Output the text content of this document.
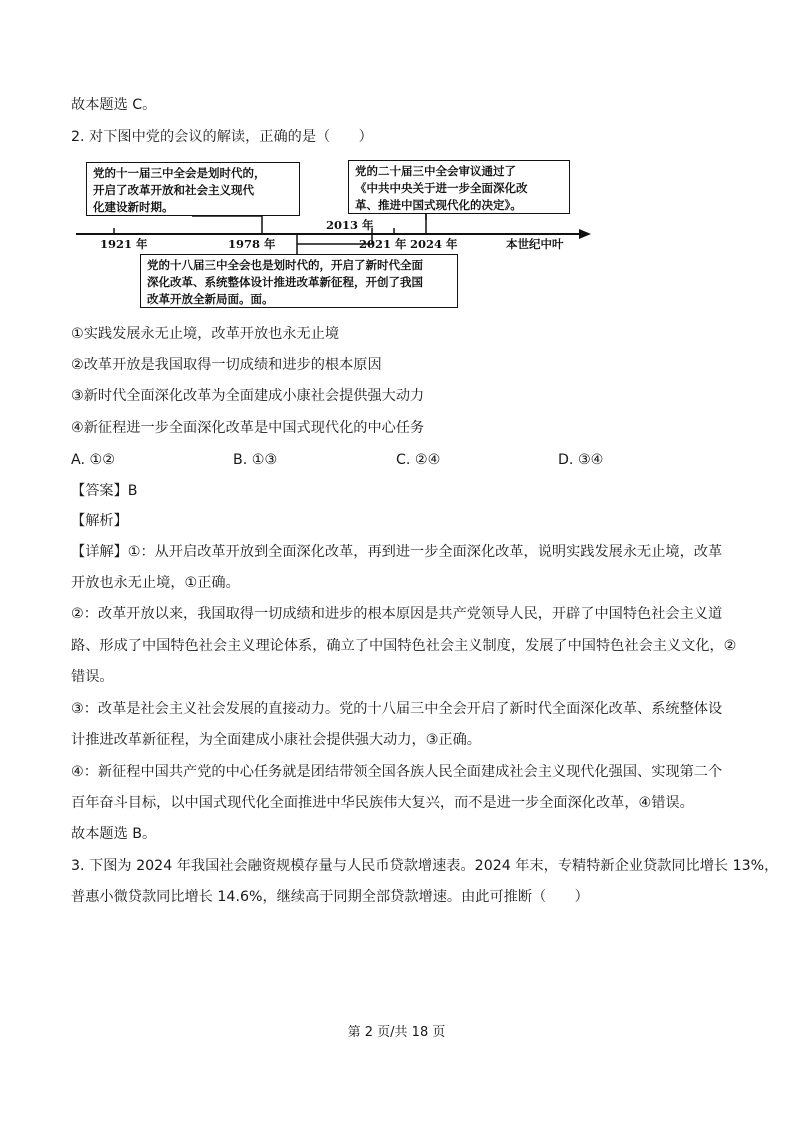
故本题选 C。
2. 对下图中党的会议的解读，正确的是（　　）
党的十一届三中全会是划时代的，
开启了改革开放和社会主义现代
化建设新时期。
党的二十届三中全会审议通过了
《中共中央关于进一步全面深化改
革、推进中国式现代化的决定》。
党的十八届三中全会也是划时代的，开启了新时代全面
深化改革、系统整体设计推进改革新征程，开创了我国
改革开放全新局面。面。
1921 年	1978 年
2013 年
2021 年 2024 年	本世纪中叶
①实践发展永无止境，改革开放也永无止境
②改革开放是我国取得一切成绩和进步的根本原因
③新时代全面深化改革为全面建成小康社会提供强大动力
④新征程进一步全面深化改革是中国式现代化的中心任务
A. ①②	B. ①③	C. ②④	D. ③④
【答案】B
【解析】
【详解】①：从开启改革开放到全面深化改革，再到进一步全面深化改革，说明实践发展永无止境，改革
开放也永无止境，①正确。
②：改革开放以来，我国取得一切成绩和进步的根本原因是共产党领导人民，开辟了中国特色社会主义道
路、形成了中国特色社会主义理论体系，确立了中国特色社会主义制度，发展了中国特色社会主义文化，②
错误。
③：改革是社会主义社会发展的直接动力。党的十八届三中全会开启了新时代全面深化改革、系统整体设
计推进改革新征程，为全面建成小康社会提供强大动力，③正确。
④：新征程中国共产党的中心任务就是团结带领全国各族人民全面建成社会主义现代化强国、实现第二个
百年奋斗目标，以中国式现代化全面推进中华民族伟大复兴，而不是进一步全面深化改革，④错误。
故本题选 B。
3. 下图为 2024 年我国社会融资规模存量与人民币贷款增速表。2024 年末，专精特新企业贷款同比增长 13%，
普惠小微贷款同比增长 14.6%，继续高于同期全部贷款增速。由此可推断（　　）
第 2 页/共 18 页
